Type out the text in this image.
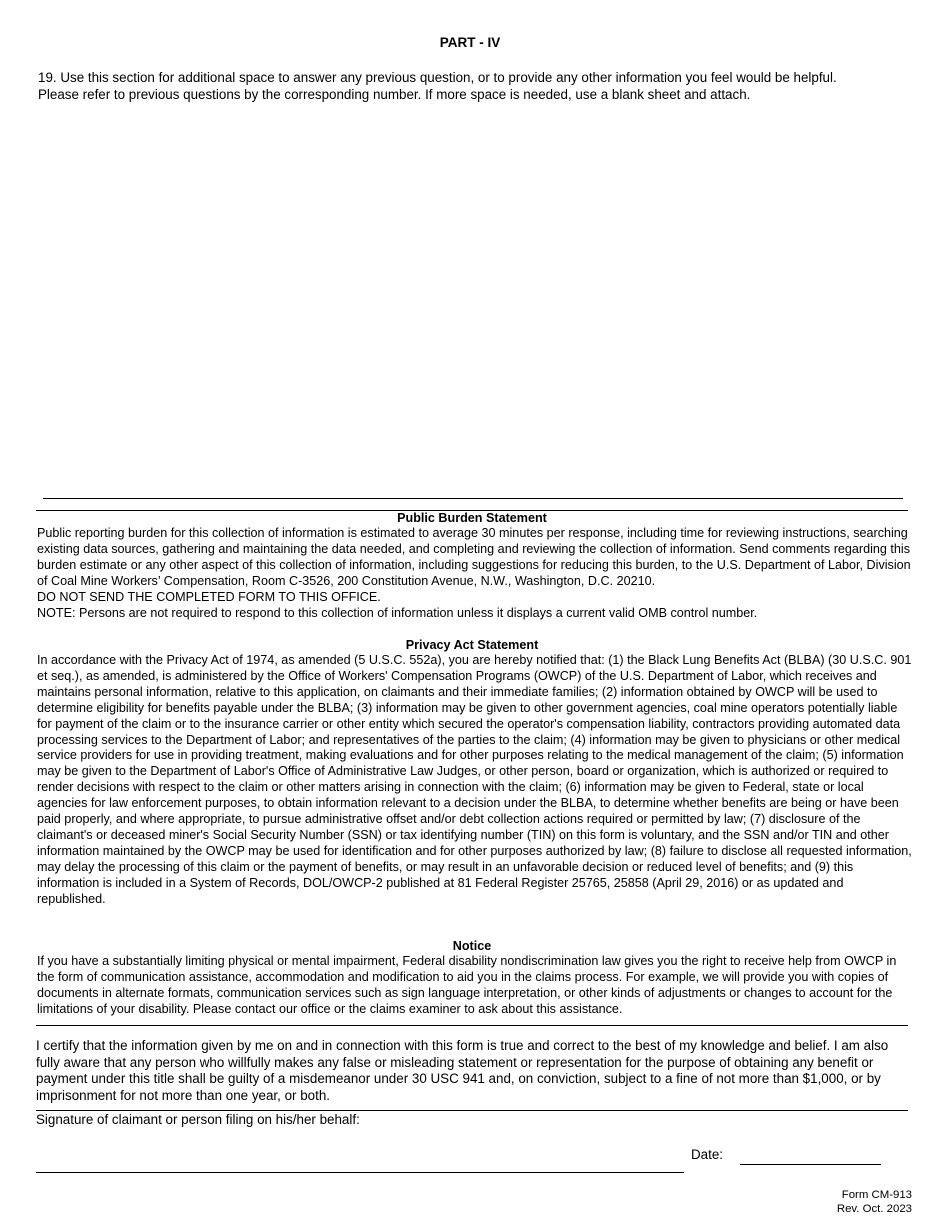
PART - IV
19. Use this section for additional space to answer any previous question, or to provide any other information you feel would be helpful.
Please refer to previous questions by the corresponding number. If more space is needed, use a blank sheet and attach.
Public Burden Statement

Public reporting burden for this collection of information is estimated to average 30 minutes per response, including time for reviewing instructions, searching existing data sources, gathering and maintaining the data needed, and completing and reviewing the collection of information. Send comments regarding this burden estimate or any other aspect of this collection of information, including suggestions for reducing this burden, to the U.S. Department of Labor, Division of Coal Mine Workers’ Compensation, Room C-3526, 200 Constitution Avenue, N.W., Washington, D.C. 20210.

DO NOT SEND THE COMPLETED FORM TO THIS OFFICE.

NOTE: Persons are not required to respond to this collection of information unless it displays a current valid OMB control number.

Privacy Act Statement

In accordance with the Privacy Act of 1974, as amended (5 U.S.C. 552a), you are hereby notified that: (1) the Black Lung Benefits Act (BLBA) (30 U.S.C. 901 et seq.), as amended, is administered by the Office of Workers' Compensation Programs (OWCP) of the U.S. Department of Labor, which receives and maintains personal information, relative to this application, on claimants and their immediate families; (2) information obtained by OWCP will be used to determine eligibility for benefits payable under the BLBA; (3) information may be given to other government agencies, coal mine operators potentially liable for payment of the claim or to the insurance carrier or other entity which secured the operator's compensation liability, contractors providing automated data processing services to the Department of Labor; and representatives of the parties to the claim; (4) information may be given to physicians or other medical service providers for use in providing treatment, making evaluations and for other purposes relating to the medical management of the claim; (5) information may be given to the Department of Labor's Office of Administrative Law Judges, or other person, board or organization, which is authorized or required to render decisions with respect to the claim or other matters arising in connection with the claim; (6) information may be given to Federal, state or local agencies for law enforcement purposes, to obtain information relevant to a decision under the BLBA, to determine whether benefits are being or have been paid properly, and where appropriate, to pursue administrative offset and/or debt collection actions required or permitted by law; (7) disclosure of the claimant's or deceased miner's Social Security Number (SSN) or tax identifying number (TIN) on this form is voluntary, and the SSN and/or TIN and other information maintained by the OWCP may be used for identification and for other purposes authorized by law; (8) failure to disclose all requested information, may delay the processing of this claim or the payment of benefits, or may result in an unfavorable decision or reduced level of benefits; and (9) this information is included in a System of Records, DOL/OWCP-2 published at 81 Federal Register 25765, 25858 (April 29, 2016) or as updated and republished.

Notice

If you have a substantially limiting physical or mental impairment, Federal disability nondiscrimination law gives you the right to receive help from OWCP in the form of communication assistance, accommodation and modification to aid you in the claims process. For example, we will provide you with copies of documents in alternate formats, communication services such as sign language interpretation, or other kinds of adjustments or changes to account for the limitations of your disability. Please contact our office or the claims examiner to ask about this assistance.

I certify that the information given by me on and in connection with this form is true and correct to the best of my knowledge and belief. I am also fully aware that any person who willfully makes any false or misleading statement or representation for the purpose of obtaining any benefit or payment under this title shall be guilty of a misdemeanor under 30 USC 941 and, on conviction, subject to a fine of not more than $1,000, or by imprisonment for not more than one year, or both.
Signature of claimant or person filing on his/her behalf:
Date:
Form CM-913
Rev. Oct. 2023
